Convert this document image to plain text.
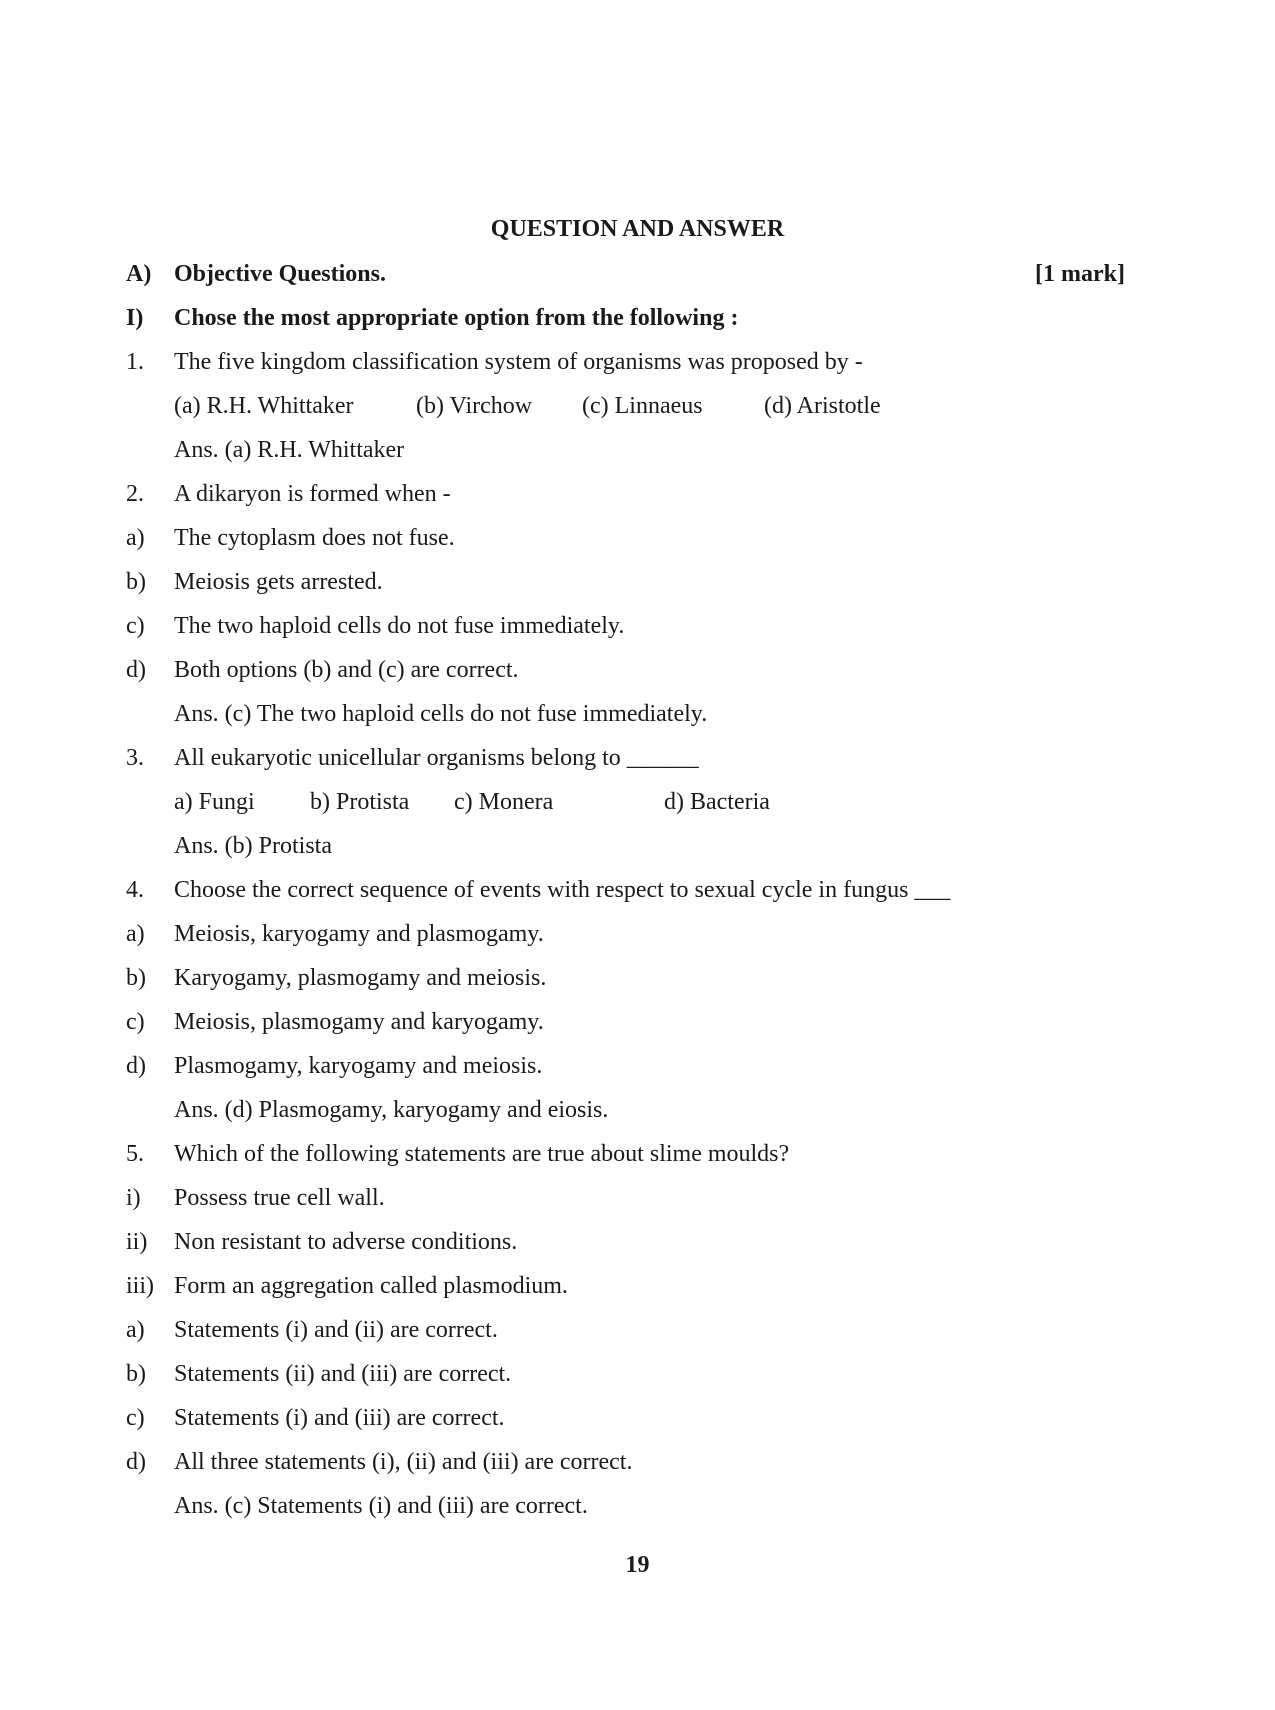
QUESTION AND ANSWER
A) Objective Questions.	[1 mark]
I) Chose the most appropriate option from the following :
1. The five kingdom classification system of organisms was proposed by -
(a) R.H. Whittaker	(b) Virchow (c) Linnaeus	(d) Aristotle
Ans. (a) R.H. Whittaker
2. A dikaryon is formed when -
a) The cytoplasm does not fuse.
b) Meiosis gets arrested.
c) The two haploid cells do not fuse immediately.
d) Both options (b) and (c) are correct.
Ans. (c) The two haploid cells do not fuse immediately.
3. All eukaryotic unicellular organisms belong to ______
a) Fungi b) Protista c) Monera	d) Bacteria
Ans. (b) Protista
4. Choose the correct sequence of events with respect to sexual cycle in fungus ___
a) Meiosis, karyogamy and plasmogamy.
b) Karyogamy, plasmogamy and meiosis.
c) Meiosis, plasmogamy and karyogamy.
d) Plasmogamy, karyogamy and meiosis.
Ans. (d) Plasmogamy, karyogamy and eiosis.
5. Which of the following statements are true about slime moulds?
i) Possess true cell wall.
ii) Non resistant to adverse conditions.
iii) Form an aggregation called plasmodium.
a) Statements (i) and (ii) are correct.
b) Statements (ii) and (iii) are correct.
c) Statements (i) and (iii) are correct.
d) All three statements (i), (ii) and (iii) are correct.
Ans. (c) Statements (i) and (iii) are correct.
19
